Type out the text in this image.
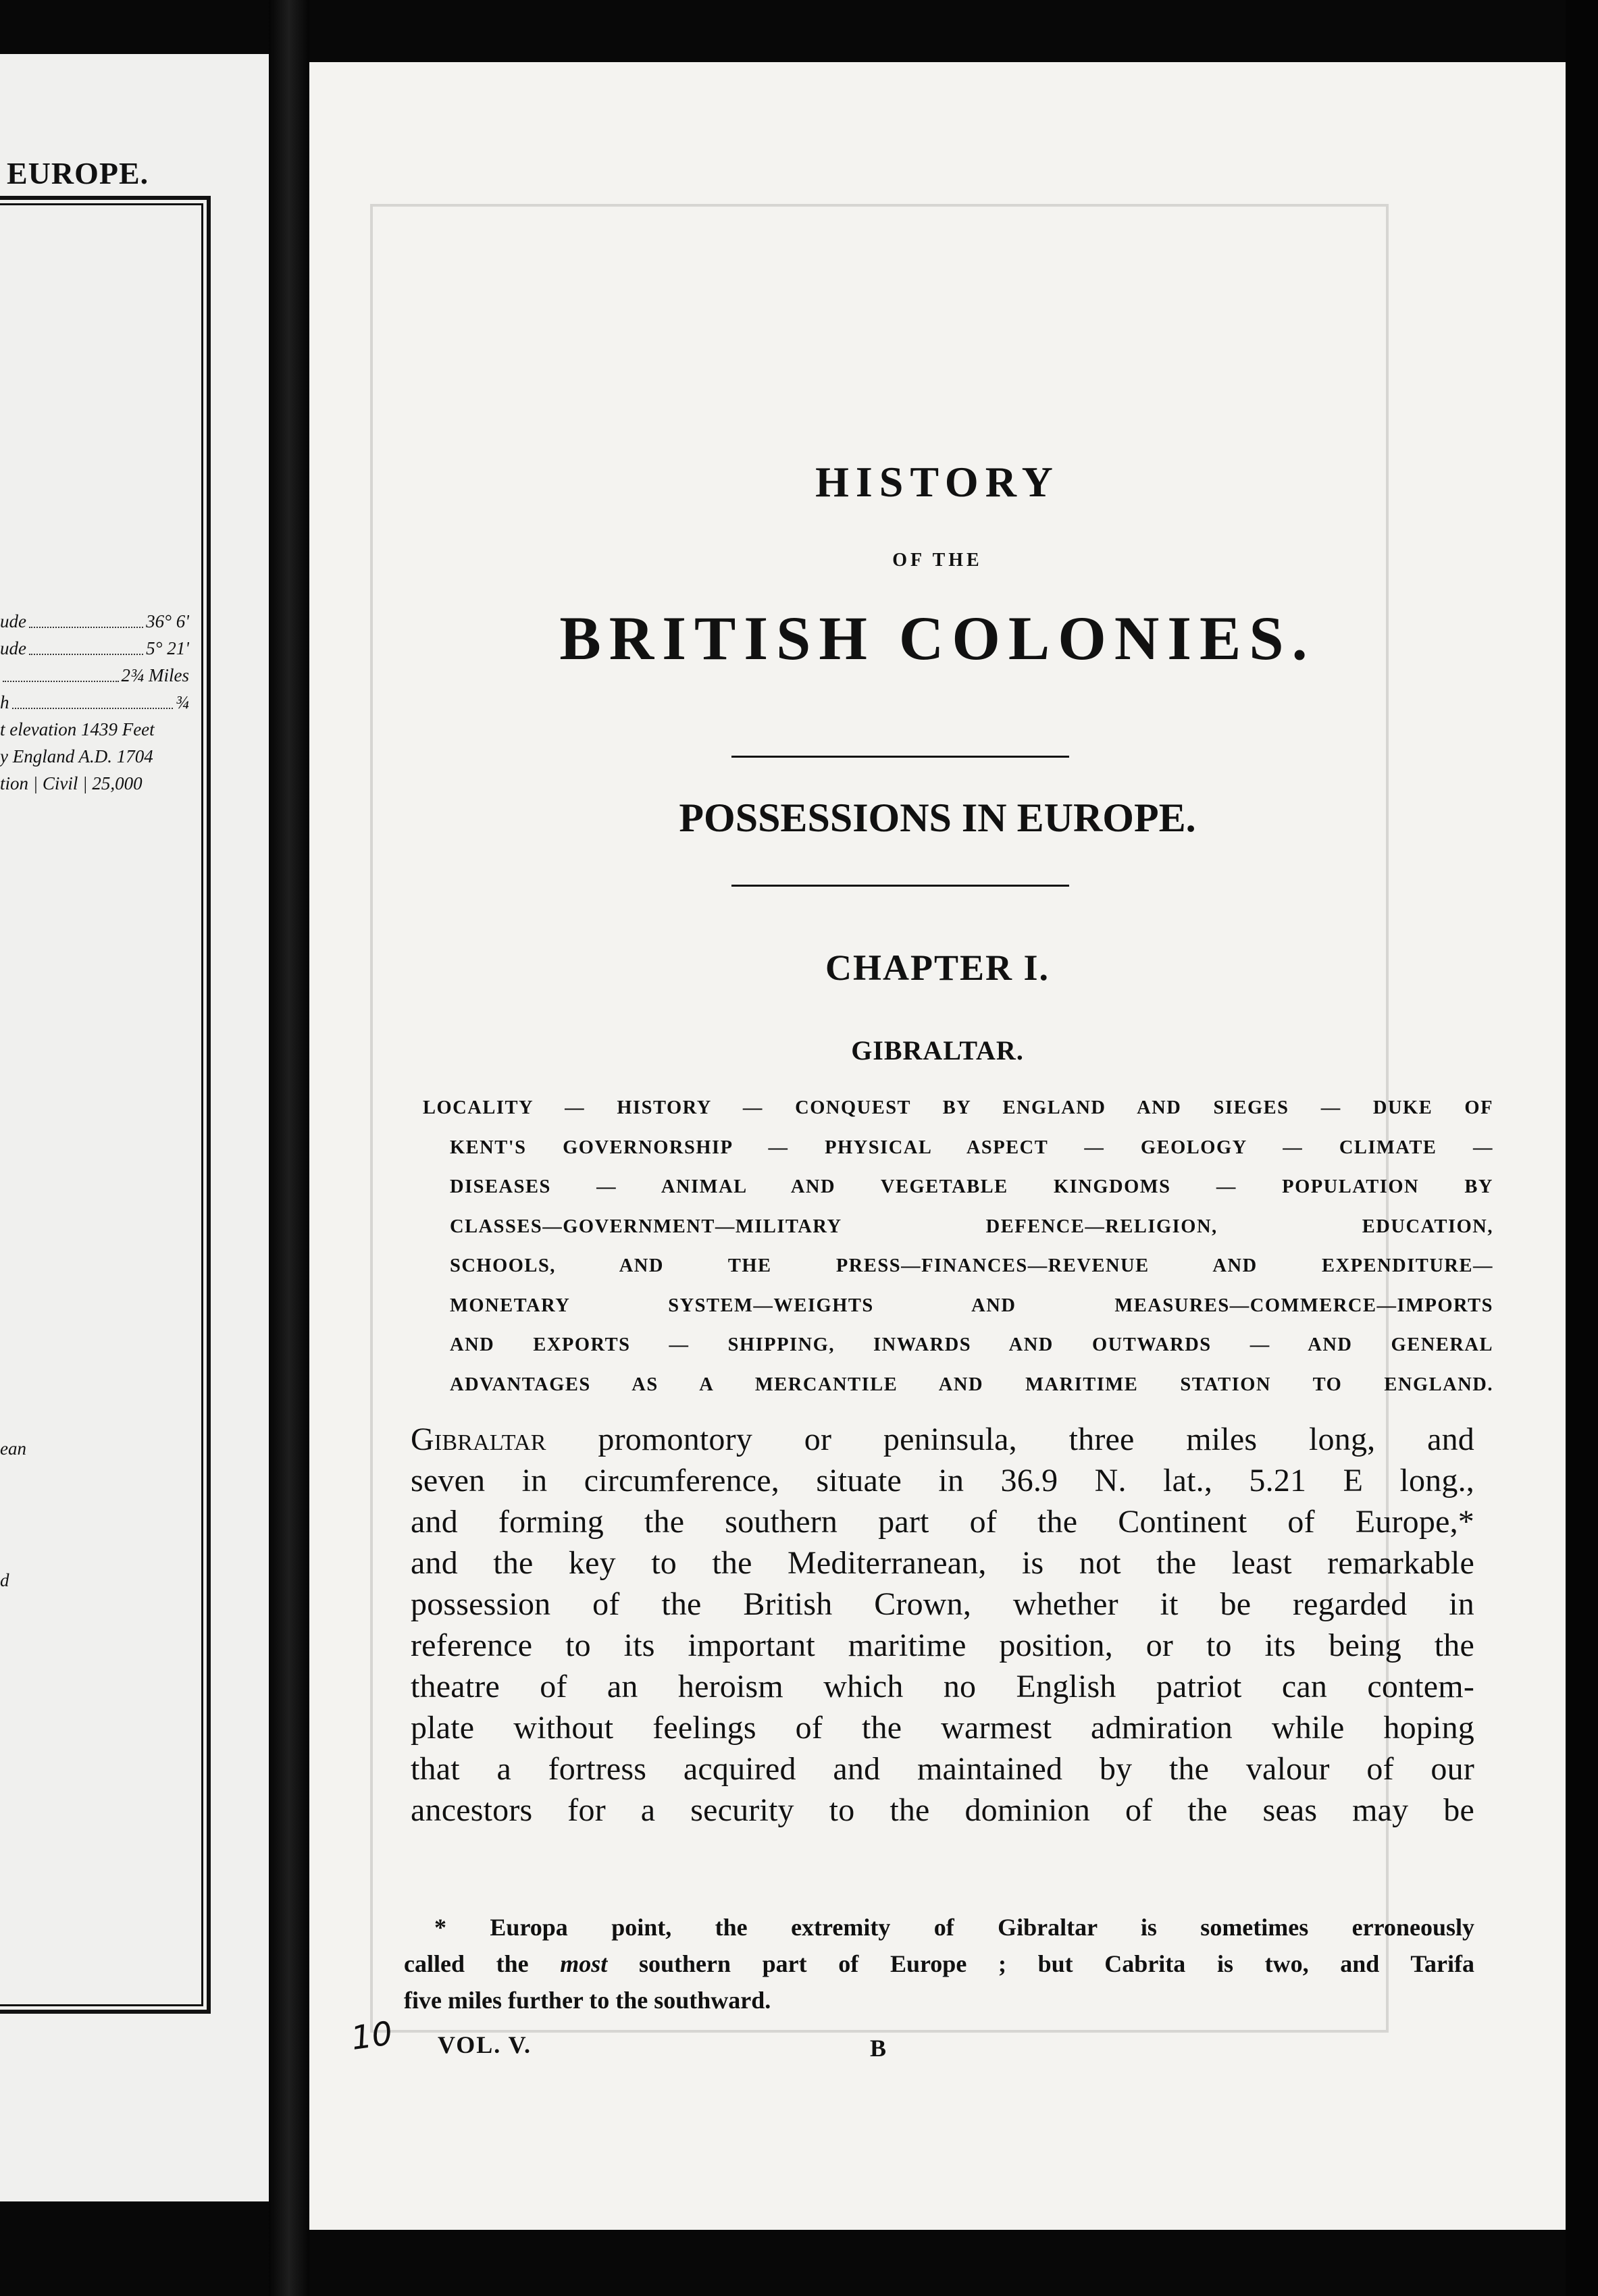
EUROPE.
ude	36° 6'
ude	5° 21'
2¾ Miles
h	¾
t elevation 1439 Feet
y England A.D. 1704
tion | Civil | 25,000
ean
d
HISTORY
OF THE
BRITISH COLONIES.
POSSESSIONS IN EUROPE.
CHAPTER I.
GIBRALTAR.
LOCALITY — HISTORY — CONQUEST BY ENGLAND AND SIEGES — DUKE OF
KENT'S GOVERNORSHIP — PHYSICAL ASPECT — GEOLOGY — CLIMATE —
DISEASES — ANIMAL AND VEGETABLE KINGDOMS — POPULATION BY
CLASSES—GOVERNMENT—MILITARY DEFENCE—RELIGION, EDUCATION,
SCHOOLS, AND THE PRESS—FINANCES—REVENUE AND EXPENDITURE—
MONETARY SYSTEM—WEIGHTS AND MEASURES—COMMERCE—IMPORTS
AND EXPORTS — SHIPPING, INWARDS AND OUTWARDS — AND GENERAL
ADVANTAGES AS A MERCANTILE AND MARITIME STATION TO ENGLAND.
Gibraltar promontory or peninsula, three miles long, and
seven in circumference, situate in 36.9 N. lat., 5.21 E long.,
and forming the southern part of the Continent of Europe,*
and the key to the Mediterranean, is not the least remarkable
possession of the British Crown, whether it be regarded in
reference to its important maritime position, or to its being the
theatre of an heroism which no English patriot can contem-
plate without feelings of the warmest admiration while hoping
that a fortress acquired and maintained by the valour of our
ancestors for a security to the dominion of the seas may be
* Europa point, the extremity of Gibraltar is sometimes erroneously
called the most southern part of Europe ; but Cabrita is two, and Tarifa
five miles further to the southward.
10 VOL. V.	B
